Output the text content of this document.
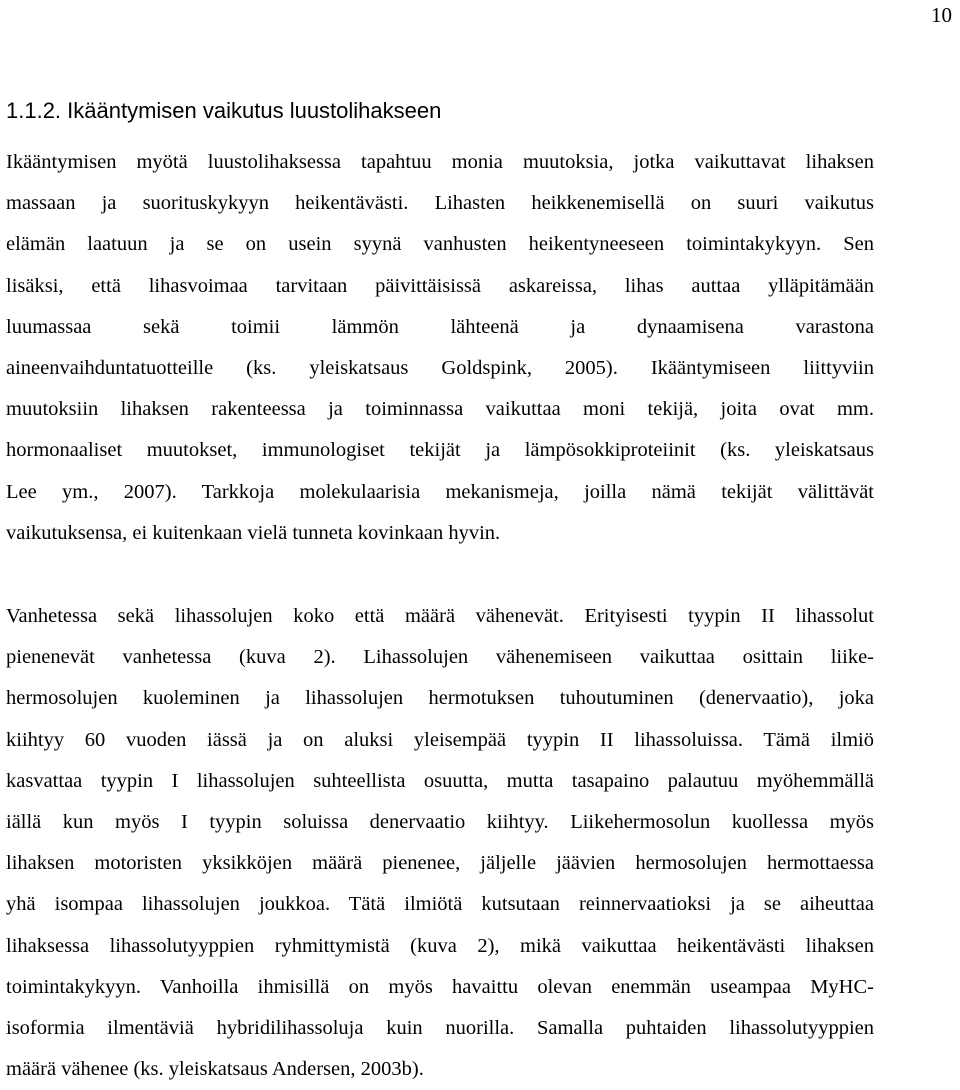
10
1.1.2. Ikääntymisen vaikutus luustolihakseen

Ikääntymisen myötä luustolihaksessa tapahtuu monia muutoksia, jotka vaikuttavat lihaksen
massaan ja suorituskykyyn heikentävästi. Lihasten heikkenemisellä on suuri vaikutus
elämän laatuun ja se on usein syynä vanhusten heikentyneeseen toimintakykyyn. Sen
lisäksi, että lihasvoimaa tarvitaan päivittäisissä askareissa, lihas auttaa ylläpitämään
luumassaa sekä toimii lämmön lähteenä ja dynaamisena varastona
aineenvaihduntatuotteille (ks. yleiskatsaus Goldspink, 2005). Ikääntymiseen liittyviin
muutoksiin lihaksen rakenteessa ja toiminnassa vaikuttaa moni tekijä, joita ovat mm.
hormonaaliset muutokset, immunologiset tekijät ja lämpösokkiproteiinit (ks. yleiskatsaus
Lee ym., 2007). Tarkkoja molekulaarisia mekanismeja, joilla nämä tekijät välittävät
vaikutuksensa, ei kuitenkaan vielä tunneta kovinkaan hyvin.

Vanhetessa sekä lihassolujen koko että määrä vähenevät. Erityisesti tyypin II lihassolut
pienenevät vanhetessa (kuva 2). Lihassolujen vähenemiseen vaikuttaa osittain liike-
hermosolujen kuoleminen ja lihassolujen hermotuksen tuhoutuminen (denervaatio), joka
kiihtyy 60 vuoden iässä ja on aluksi yleisempää tyypin II lihassoluissa. Tämä ilmiö
kasvattaa tyypin I lihassolujen suhteellista osuutta, mutta tasapaino palautuu myöhemmällä
iällä kun myös I tyypin soluissa denervaatio kiihtyy. Liikehermosolun kuollessa myös
lihaksen motoristen yksikköjen määrä pienenee, jäljelle jäävien hermosolujen hermottaessa
yhä isompaa lihassolujen joukkoa. Tätä ilmiötä kutsutaan reinnervaatioksi ja se aiheuttaa
lihaksessa lihassolutyyppien ryhmittymistä (kuva 2), mikä vaikuttaa heikentävästi lihaksen
toimintakykyyn. Vanhoilla ihmisillä on myös havaittu olevan enemmän useampaa MyHC-
isoformia ilmentäviä hybridilihassoluja kuin nuorilla. Samalla puhtaiden lihassolutyyppien
määrä vähenee (ks. yleiskatsaus Andersen, 2003b).
